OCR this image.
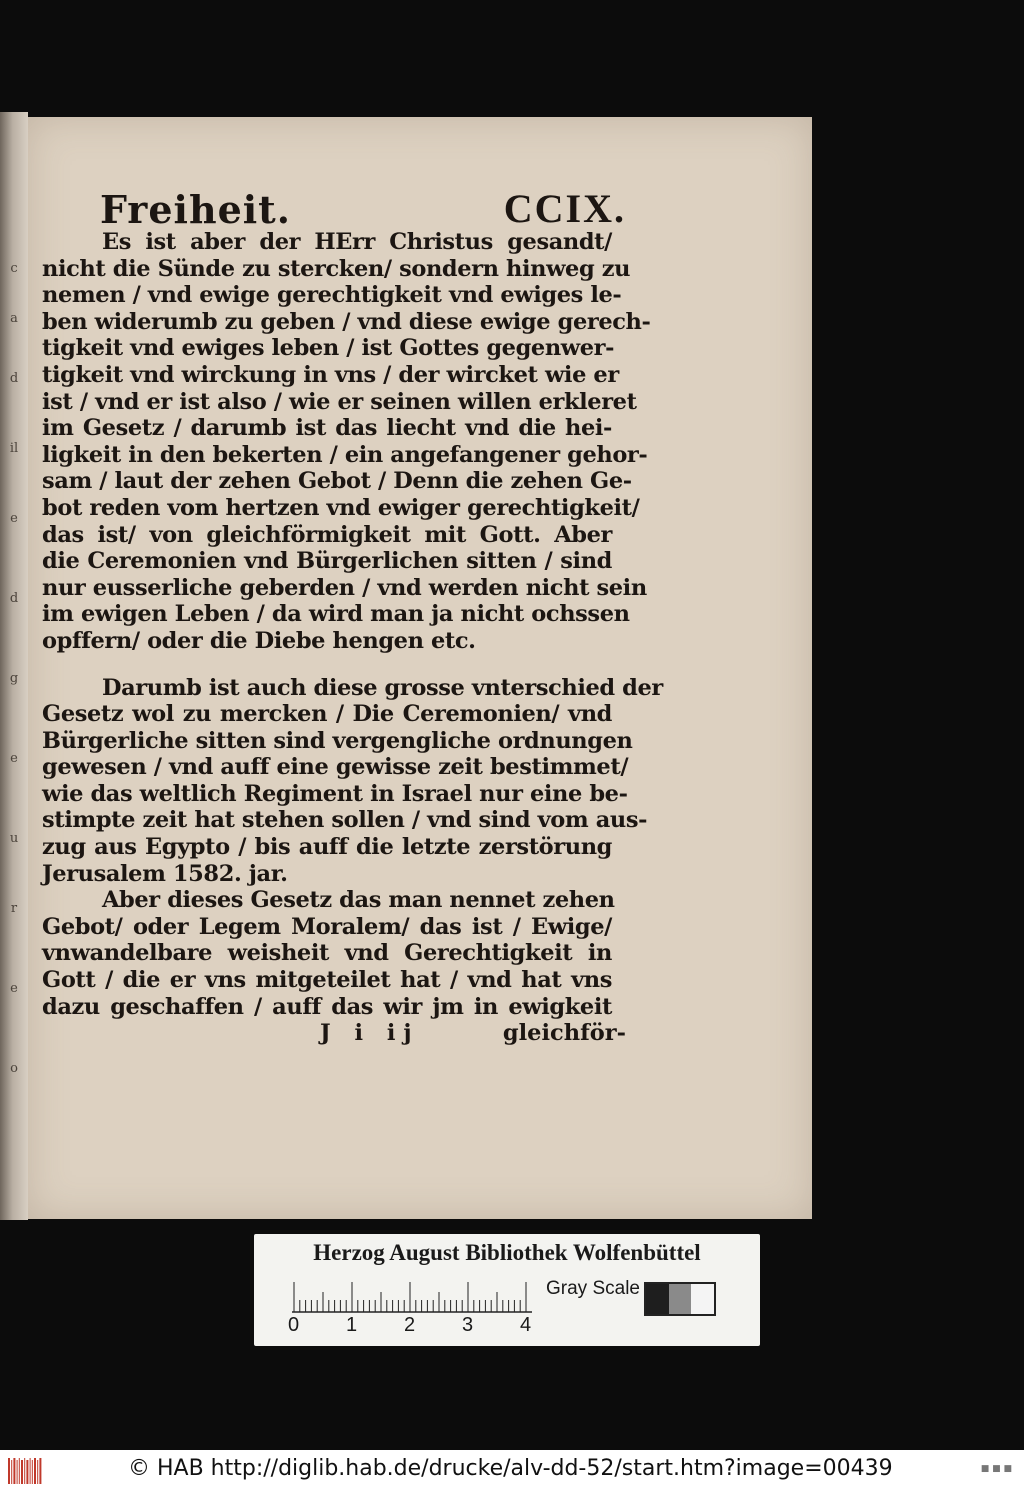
c
a
d
il
e
d
g
e
u
r
e
o
Freiheit.	CCIX.
Es ist aber der HErr Christus gesandt/
nicht die Sünde zu stercken/ sondern hinweg zu
nemen / vnd ewige gerechtigkeit vnd ewiges le-
ben widerumb zu geben / vnd diese ewige gerech-
tigkeit vnd ewiges leben / ist Gottes gegenwer-
tigkeit vnd wirckung in vns / der wircket wie er
ist / vnd er ist also / wie er seinen willen erkleret
im Gesetz / darumb ist das liecht vnd die hei-
ligkeit in den bekerten / ein angefangener gehor-
sam / laut der zehen Gebot / Denn die zehen Ge-
bot reden vom hertzen vnd ewiger gerechtigkeit/
das ist/ von gleichförmigkeit mit Gott. Aber
die Ceremonien vnd Bürgerlichen sitten / sind
nur eusserliche geberden / vnd werden nicht sein
im ewigen Leben / da wird man ja nicht ochssen
opffern/ oder die Diebe hengen etc.
Darumb ist auch diese grosse vnterschied der
Gesetz wol zu mercken / Die Ceremonien/ vnd
Bürgerliche sitten sind vergengliche ordnungen
gewesen / vnd auff eine gewisse zeit bestimmet/
wie das weltlich Regiment in Israel nur eine be-
stimpte zeit hat stehen sollen / vnd sind vom aus-
zug aus Egypto / bis auff die letzte zerstörung
Jerusalem 1582. jar.
Aber dieses Gesetz das man nennet zehen
Gebot/ oder Legem Moralem/ das ist / Ewige/
vnwandelbare weisheit vnd Gerechtigkeit in
Gott / die er vns mitgeteilet hat / vnd hat vns
dazu geschaffen / auff das wir jm in ewigkeit
J i ij	gleichför-
Herzog August Bibliothek Wolfenbüttel
Gray Scale
0 1 2 3 4
© HAB http://diglib.hab.de/drucke/alv-dd-52/start.htm?image=00439	■ ■ ■
